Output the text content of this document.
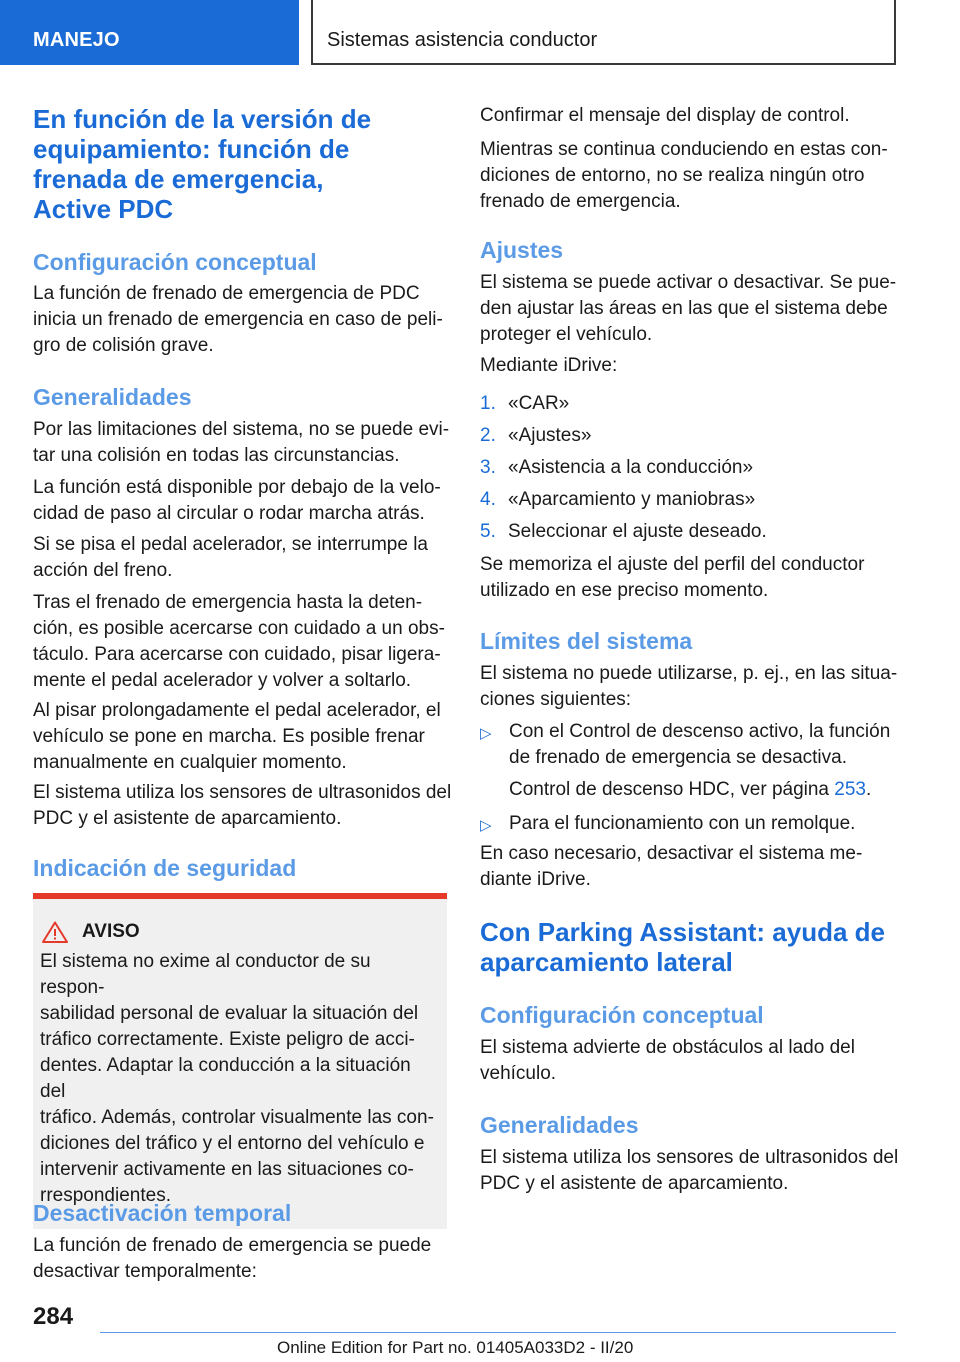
MANEJO	Sistemas asistencia conductor
En función de la versión de
equipamiento: función de
frenada de emergencia,
Active PDC
Configuración conceptual

La función de frenado de emergencia de PDC
inicia un frenado de emergencia en caso de peli‐
gro de colisión grave.

Generalidades

Por las limitaciones del sistema, no se puede evi‐
tar una colisión en todas las circunstancias.

La función está disponible por debajo de la velo‐
cidad de paso al circular o rodar marcha atrás.

Si se pisa el pedal acelerador, se interrumpe la
acción del freno.

Tras el frenado de emergencia hasta la deten‐
ción, es posible acercarse con cuidado a un obs‐
táculo. Para acercarse con cuidado, pisar ligera‐
mente el pedal acelerador y volver a soltarlo.

Al pisar prolongadamente el pedal acelerador, el
vehículo se pone en marcha. Es posible frenar
manualmente en cualquier momento.

El sistema utiliza los sensores de ultrasonidos del
PDC y el asistente de aparcamiento.

Indicación de seguridad
AVISO

El sistema no exime al conductor de su respon‐
sabilidad personal de evaluar la situación del
tráfico correctamente. Existe peligro de acci‐
dentes. Adaptar la conducción a la situación del
tráfico. Además, controlar visualmente las con‐
diciones del tráfico y el entorno del vehículo e
intervenir activamente en las situaciones co‐
rrespondientes.

Desactivación temporal

La función de frenado de emergencia se puede
desactivar temporalmente:

Confirmar el mensaje del display de control.

Mientras se continua conduciendo en estas con‐
diciones de entorno, no se realiza ningún otro
frenado de emergencia.

Ajustes

El sistema se puede activar o desactivar. Se pue‐
den ajustar las áreas en las que el sistema debe
proteger el vehículo.

Mediante iDrive:

1. «CAR»
2. «Ajustes»
3. «Asistencia a la conducción»
4. «Aparcamiento y maniobras»
5. Seleccionar el ajuste deseado.

Se memoriza el ajuste del perfil del conductor
utilizado en ese preciso momento.

Límites del sistema

El sistema no puede utilizarse, p. ej., en las situa‐
ciones siguientes:

▷ Con el Control de descenso activo, la función
de frenado de emergencia se desactiva.
Control de descenso HDC, ver página 253.
▷ Para el funcionamiento con un remolque.

En caso necesario, desactivar el sistema me‐
diante iDrive.

Con Parking Assistant: ayuda de
aparcamiento lateral
Configuración conceptual

El sistema advierte de obstáculos al lado del
vehículo.

Generalidades

El sistema utiliza los sensores de ultrasonidos del
PDC y el asistente de aparcamiento.

284
Online Edition for Part no. 01405A033D2 - II/20
